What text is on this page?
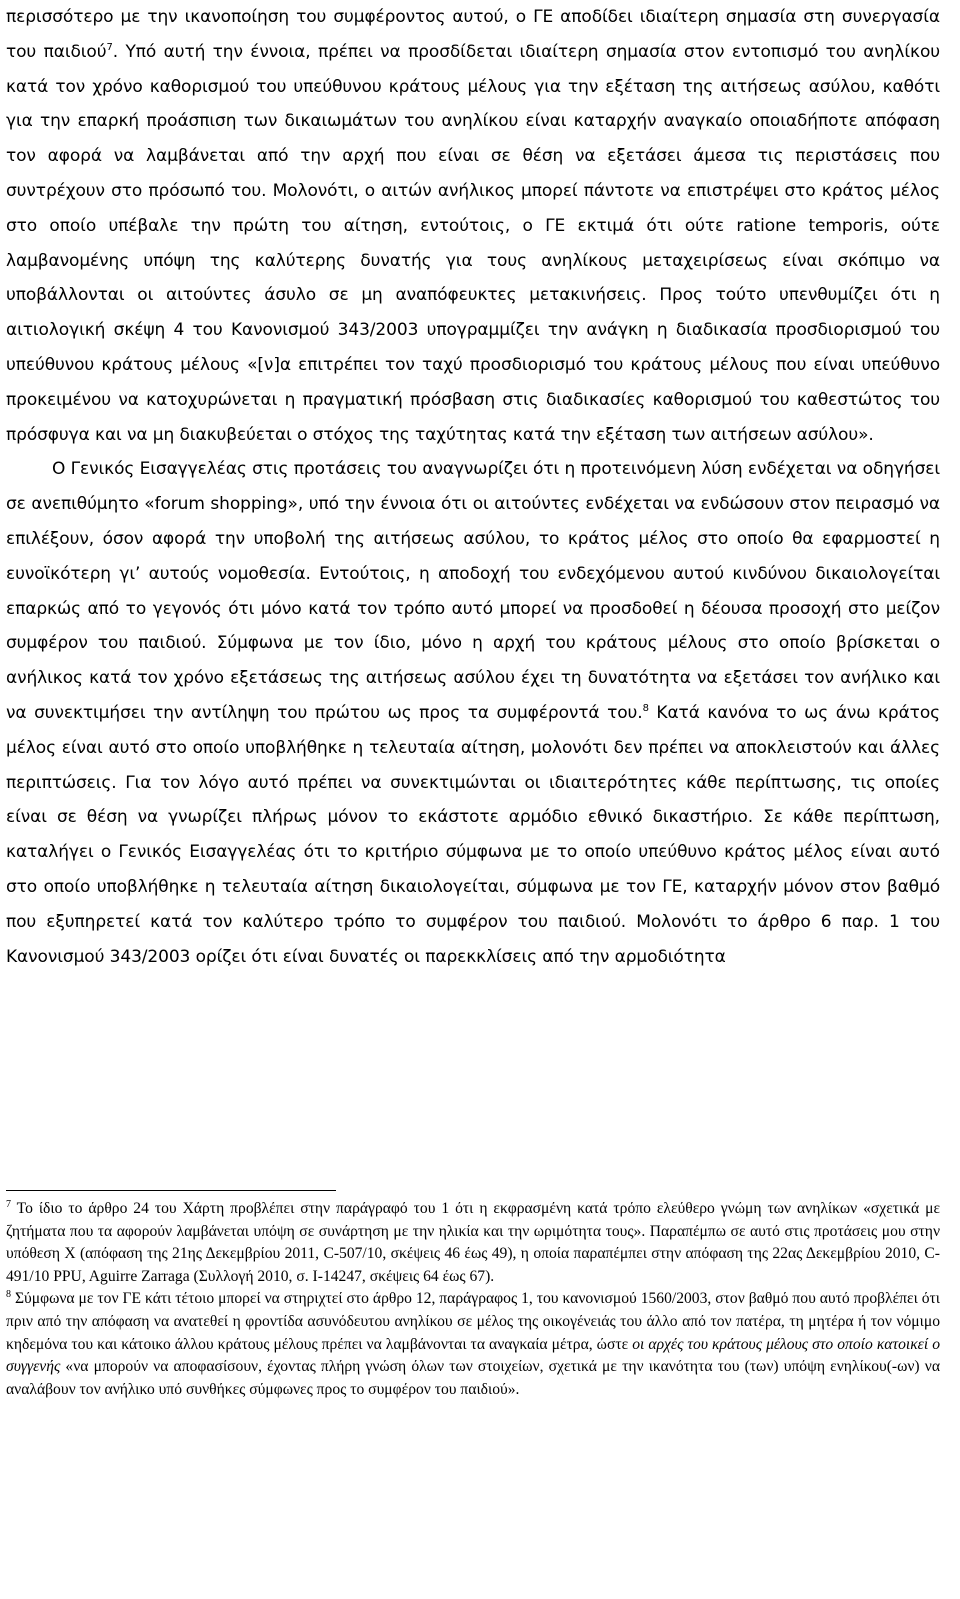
περισσότερο με την ικανοποίηση του συμφέροντος αυτού, ο ΓΕ αποδίδει ιδιαίτερη σημασία στη συνεργασία του παιδιού$^7$. Υπό αυτή την έννοια, πρέπει να προσδίδεται ιδιαίτερη σημασία στον εντοπισμό του ανηλίκου κατά τον χρόνο καθορισμού του υπεύθυνου κράτους μέλους για την εξέταση της αιτήσεως ασύλου, καθότι για την επαρκή προάσπιση των δικαιωμάτων του ανηλίκου είναι καταρχήν αναγκαίο οποιαδήποτε απόφαση τον αφορά να λαμβάνεται από την αρχή που είναι σε θέση να εξετάσει άμεσα τις περιστάσεις που συντρέχουν στο πρόσωπό του. Μολονότι, ο αιτών ανήλικος μπορεί πάντοτε να επιστρέψει στο κράτος μέλος στο οποίο υπέβαλε την πρώτη του αίτηση, εντούτοις, ο ΓΕ εκτιμά ότι ούτε ratione temporis, ούτε λαμβανομένης υπόψη της καλύτερης δυνατής για τους ανηλίκους μεταχειρίσεως είναι σκόπιμο να υποβάλλονται οι αιτούντες άσυλο σε μη αναπόφευκτες μετακινήσεις. Προς τούτο υπενθυμίζει ότι η αιτιολογική σκέψη 4 του Κανονισμού 343/2003 υπογραμμίζει την ανάγκη η διαδικασία προσδιορισμού του υπεύθυνου κράτους μέλους «[ν]α επιτρέπει τον ταχύ προσδιορισμό του κράτους μέλους που είναι υπεύθυνο προκειμένου να κατοχυρώνεται η πραγματική πρόσβαση στις διαδικασίες καθορισμού του καθεστώτος του πρόσφυγα και να μη διακυβεύεται ο στόχος της ταχύτητας κατά την εξέταση των αιτήσεων ασύλου».

Ο Γενικός Εισαγγελέας στις προτάσεις του αναγνωρίζει ότι η προτεινόμενη λύση ενδέχεται να οδηγήσει σε ανεπιθύμητο «forum shopping», υπό την έννοια ότι οι αιτούντες ενδέχεται να ενδώσουν στον πειρασμό να επιλέξουν, όσον αφορά την υποβολή της αιτήσεως ασύλου, το κράτος μέλος στο οποίο θα εφαρμοστεί η ευνοϊκότερη γι’ αυτούς νομοθεσία. Εντούτοις, η αποδοχή του ενδεχόμενου αυτού κινδύνου δικαιολογείται επαρκώς από το γεγονός ότι μόνο κατά τον τρόπο αυτό μπορεί να προσδοθεί η δέουσα προσοχή στο μείζον συμφέρον του παιδιού. Σύμφωνα με τον ίδιο, μόνο η αρχή του κράτους μέλους στο οποίο βρίσκεται ο ανήλικος κατά τον χρόνο εξετάσεως της αιτήσεως ασύλου έχει τη δυνατότητα να εξετάσει τον ανήλικο και να συνεκτιμήσει την αντίληψη του πρώτου ως προς τα συμφέροντά του.$^8$ Κατά κανόνα το ως άνω κράτος μέλος είναι αυτό στο οποίο υποβλήθηκε η τελευταία αίτηση, μολονότι δεν πρέπει να αποκλειστούν και άλλες περιπτώσεις. Για τον λόγο αυτό πρέπει να συνεκτιμώνται οι ιδιαιτερότητες κάθε περίπτωσης, τις οποίες είναι σε θέση να γνωρίζει πλήρως μόνον το εκάστοτε αρμόδιο εθνικό δικαστήριο. Σε κάθε περίπτωση, καταλήγει ο Γενικός Εισαγγελέας ότι το κριτήριο σύμφωνα με το οποίο υπεύθυνο κράτος μέλος είναι αυτό στο οποίο υποβλήθηκε η τελευταία αίτηση δικαιολογείται, σύμφωνα με τον ΓΕ, καταρχήν μόνον στον βαθμό που εξυπηρετεί κατά τον καλύτερο τρόπο το συμφέρον του παιδιού. Μολονότι το άρθρο 6 παρ. 1 του Κανονισμού 343/2003 ορίζει ότι είναι δυνατές οι παρεκκλίσεις από την αρμοδιότητα

$^7$ Το ίδιο το άρθρο 24 του Χάρτη προβλέπει στην παράγραφό του 1 ότι η εκφρασμένη κατά τρόπο ελεύθερο γνώμη των ανηλίκων «σχετικά με ζητήματα που τα αφορούν λαμβάνεται υπόψη σε συνάρτηση με την ηλικία και την ωριμότητα τους». Παραπέμπω σε αυτό στις προτάσεις μου στην υπόθεση X (απόφαση της 21ης Δεκεμβρίου 2011, C-507/10, σκέψεις 46 έως 49), η οποία παραπέμπει στην απόφαση της 22ας Δεκεμβρίου 2010, C-491/10 PPU, Aguirre Zarraga (Συλλογή 2010, σ. I-14247, σκέψεις 64 έως 67).

$^8$ Σύμφωνα με τον ΓΕ κάτι τέτοιο μπορεί να στηριχτεί στο άρθρο 12, παράγραφος 1, του κανονισμού 1560/2003, στον βαθμό που αυτό προβλέπει ότι πριν από την απόφαση να ανατεθεί η φροντίδα ασυνόδευτου ανηλίκου σε μέλος της οικογένειάς του άλλο από τον πατέρα, τη μητέρα ή τον νόμιμο κηδεμόνα του και κάτοικο άλλου κράτους μέλους πρέπει να λαμβάνονται τα αναγκαία μέτρα, ώστε οι αρχές του κράτους μέλους στο οποίο κατοικεί ο συγγενής «να μπορούν να αποφασίσουν, έχοντας πλήρη γνώση όλων των στοιχείων, σχετικά με την ικανότητα του (των) υπόψη ενηλίκου(-ων) να αναλάβουν τον ανήλικο υπό συνθήκες σύμφωνες προς το συμφέρον του παιδιού».
